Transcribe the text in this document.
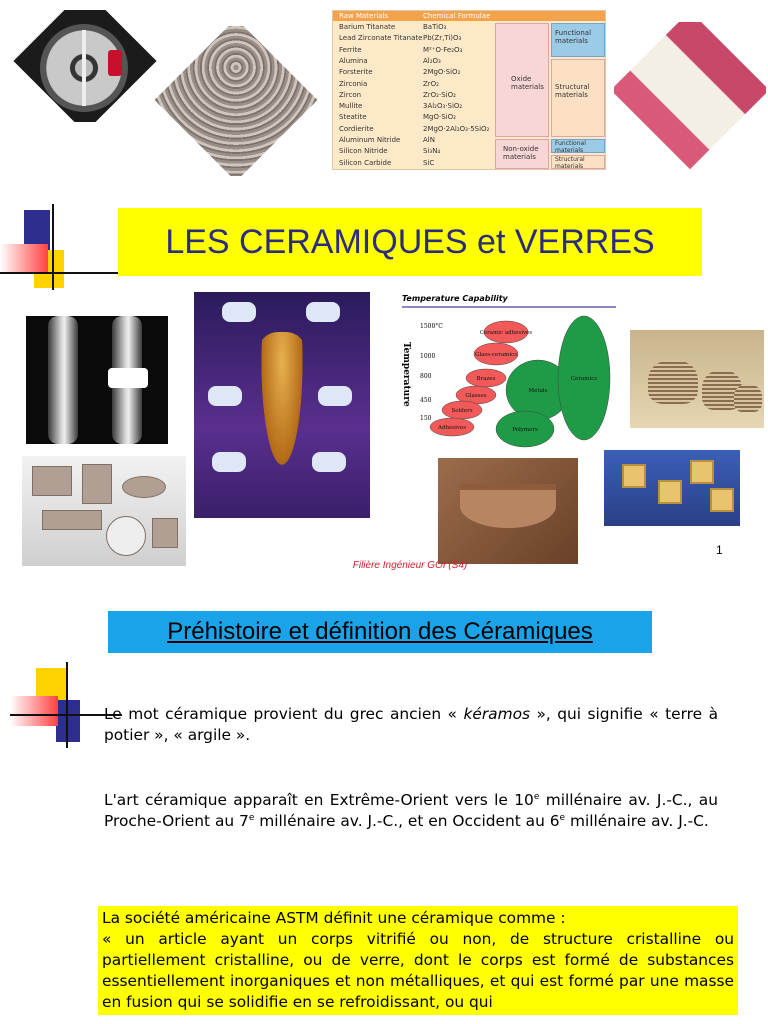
Raw Materials	Chemical Formulae
Oxide materials
Non-oxide materials
Functional materials
Structural materials
Functional materials
Structural materials
Barium Titanate	BaTiO₃
Lead Zirconate Titanate Pb(Zr,Ti)O₃
Ferrite	M²⁺O·Fe₂O₃
Alumina	Al₂O₃
Forsterite	2MgO·SiO₂
Zirconia	ZrO₂
Zircon	ZrO₂·SiO₂
Mullite	3Al₂O₃·SiO₂
Steatite	MgO·SiO₂
Cordierite	2MgO·2Al₂O₃·5SiO₂
Aluminum Nitride	AlN
Silicon Nitride	Si₃N₄
Silicon Carbide	SiC
LES CERAMIQUES et VERRES
Temperature Capability
Temperature
1500°C
1000
800
450
150
Ceramic adhesives
Glass-ceramics
Brazes
Glasses
Solders
Adhesives
Metals
Ceramics
Polymers
1
Filière Ingénieur GOI (S4)
Préhistoire et définition des Céramiques

Le mot céramique provient du grec ancien « kéramos », qui signifie « terre à potier », « argile ».

L'art céramique apparaît en Extrême-Orient vers le 10e millénaire av. J.-C., au Proche-Orient au 7e millénaire av. J.-C., et en Occident au 6e millénaire av. J.-C.

La société américaine ASTM définit une céramique comme :
« un article ayant un corps vitrifié ou non, de structure cristalline ou partiellement cristalline, ou de verre, dont le corps est formé de substances essentiellement inorganiques et non métalliques, et qui est formé par une masse en fusion qui se solidifie en se refroidissant, ou qui
